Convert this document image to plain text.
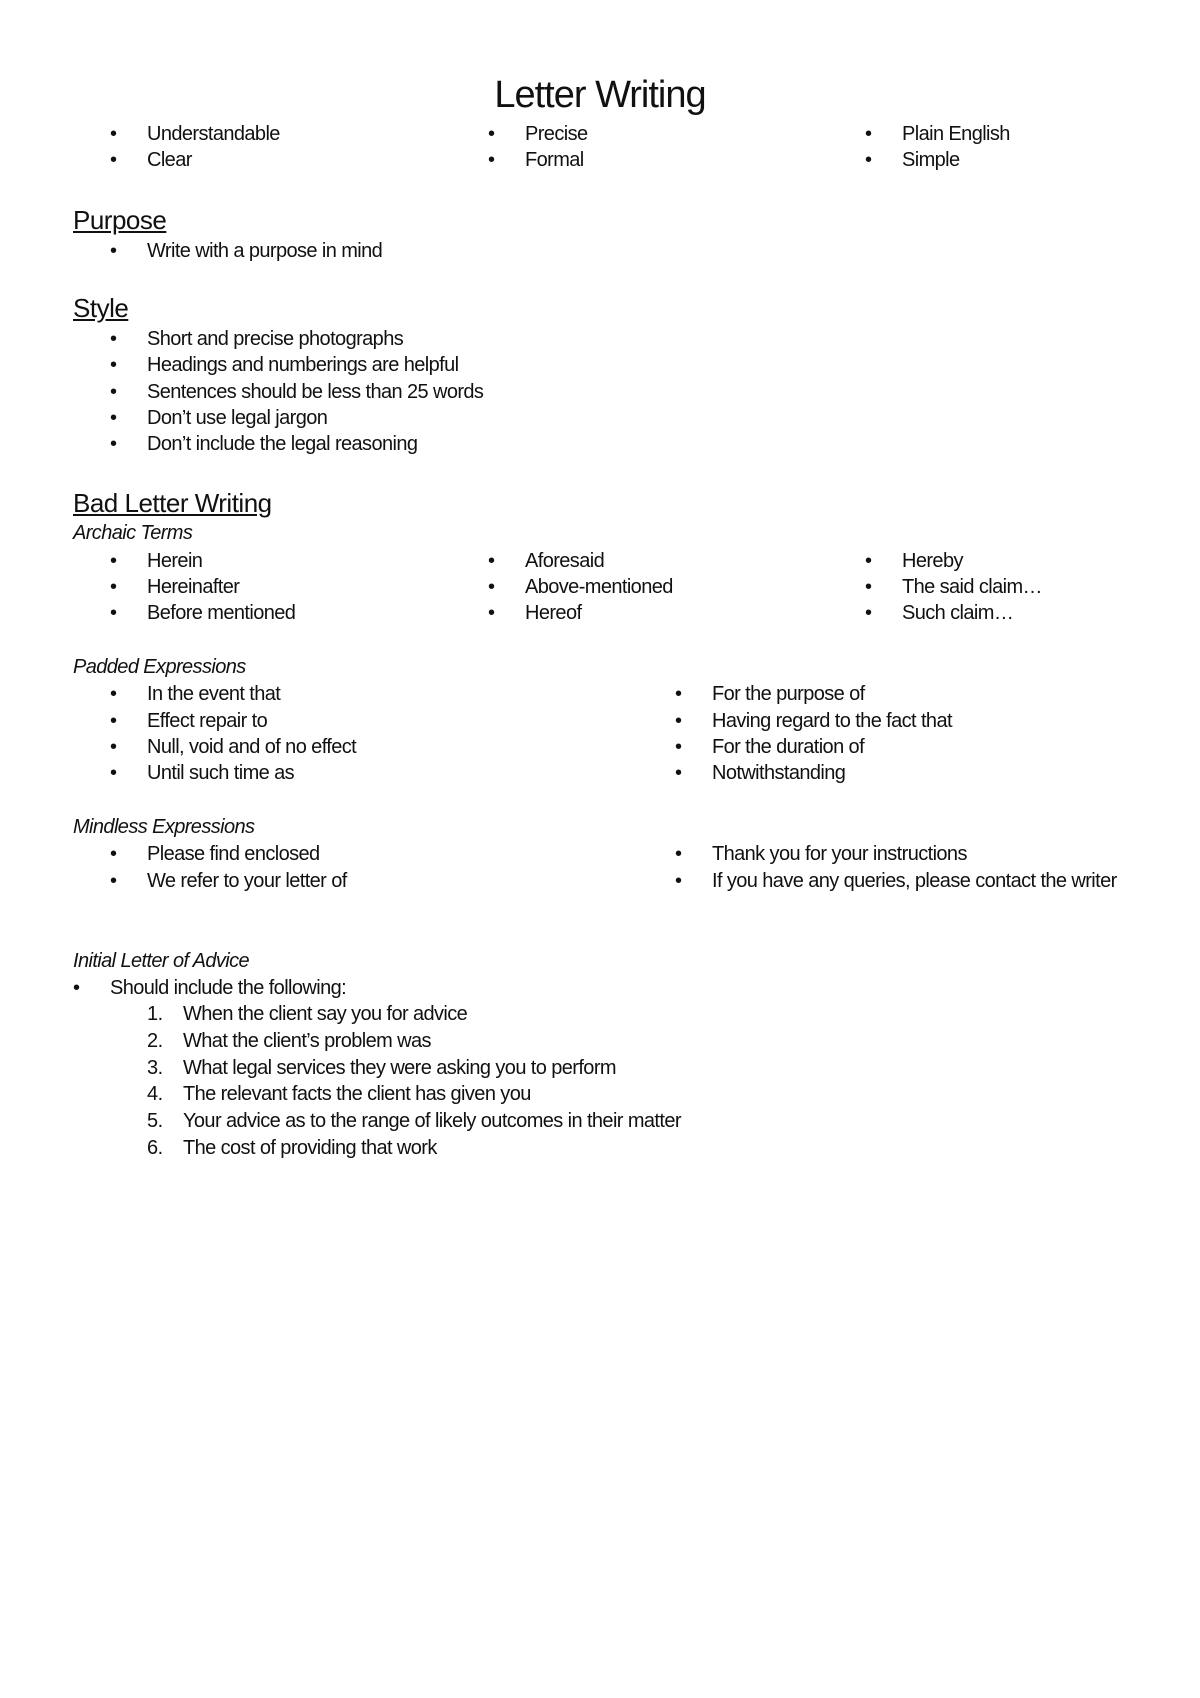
Letter Writing
• Understandable
• Clear
• Precise
• Formal
• Plain English
• Simple
Purpose
• Write with a purpose in mind
Style
• Short and precise photographs
• Headings and numberings are helpful
• Sentences should be less than 25 words
• Don’t use legal jargon
• Don’t include the legal reasoning
Bad Letter Writing
Archaic Terms
• Herein
• Hereinafter
• Before mentioned
• Aforesaid
• Above-mentioned
• Hereof
• Hereby
• The said claim…
• Such claim…
Padded Expressions
• In the event that
• Effect repair to
• Null, void and of no effect
• Until such time as
• For the purpose of
• Having regard to the fact that
• For the duration of
• Notwithstanding
Mindless Expressions
• Please find enclosed
• We refer to your letter of
• Thank you for your instructions
• If you have any queries, please contact the writer
Initial Letter of Advice
• Should include the following:
1. When the client say you for advice
2. What the client’s problem was
3. What legal services they were asking you to perform
4. The relevant facts the client has given you
5. Your advice as to the range of likely outcomes in their matter
6. The cost of providing that work
